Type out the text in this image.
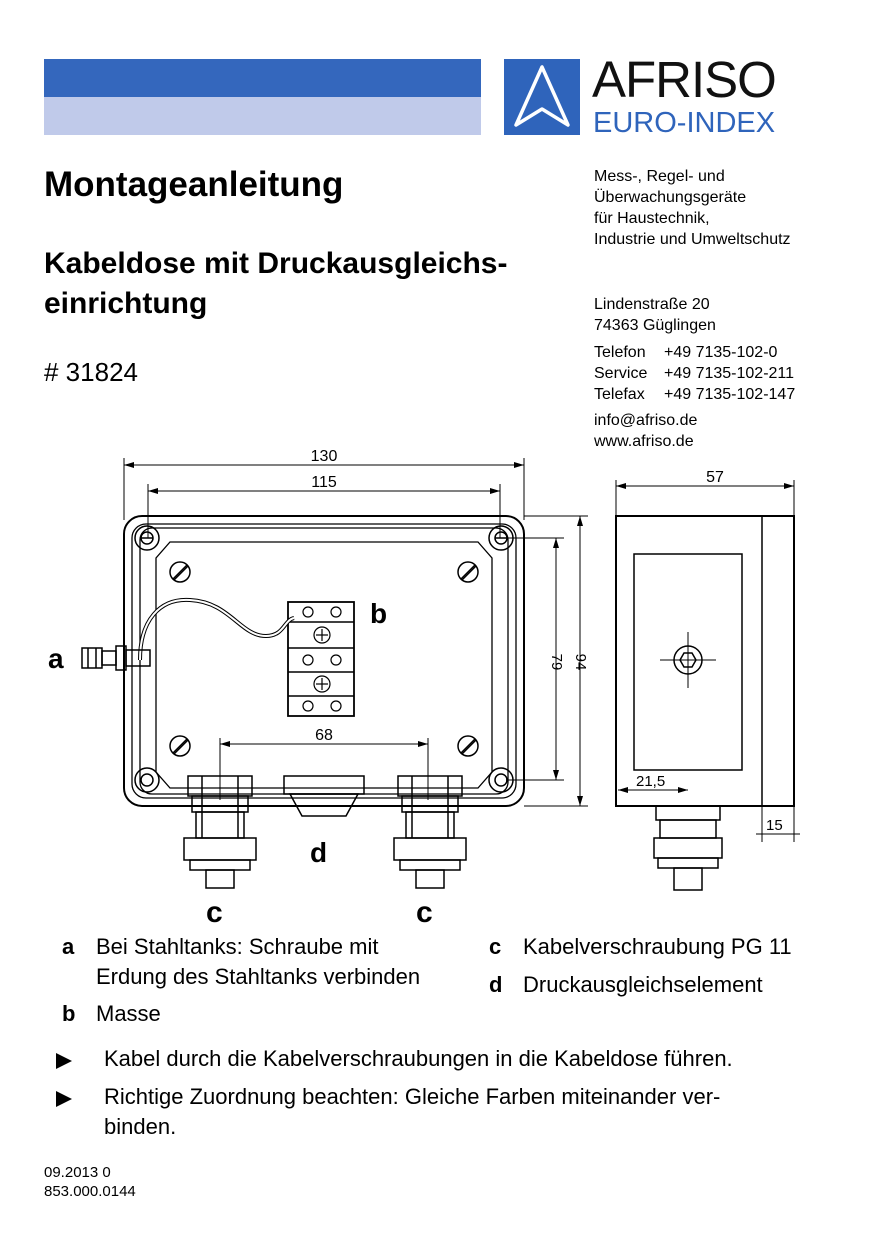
AFRISO
EURO-INDEX
Montageanleitung
Kabeldose mit Druckausgleichs-
einrichtung
# 31824
Mess-, Regel- und
Überwachungsgeräte
für Haustechnik,
Industrie und Umweltschutz
Lindenstraße 20
74363 Güglingen
Telefon +49 7135-102-0
Service +49 7135-102-211
Telefax +49 7135-102-147
info@afriso.de
www.afriso.de
130
115
79 94
68
a
b
d
c	c
57
21,5
15
a Bei Stahltanks: Schraube mit
Erdung des Stahltanks verbinden
b Masse
c Kabelverschraubung PG 11
d Druckausgleichselement
Kabel durch die Kabelverschraubungen in die Kabeldose führen.
Richtige Zuordnung beachten: Gleiche Farben miteinander ver-
binden.
09.2013 0
853.000.0144
